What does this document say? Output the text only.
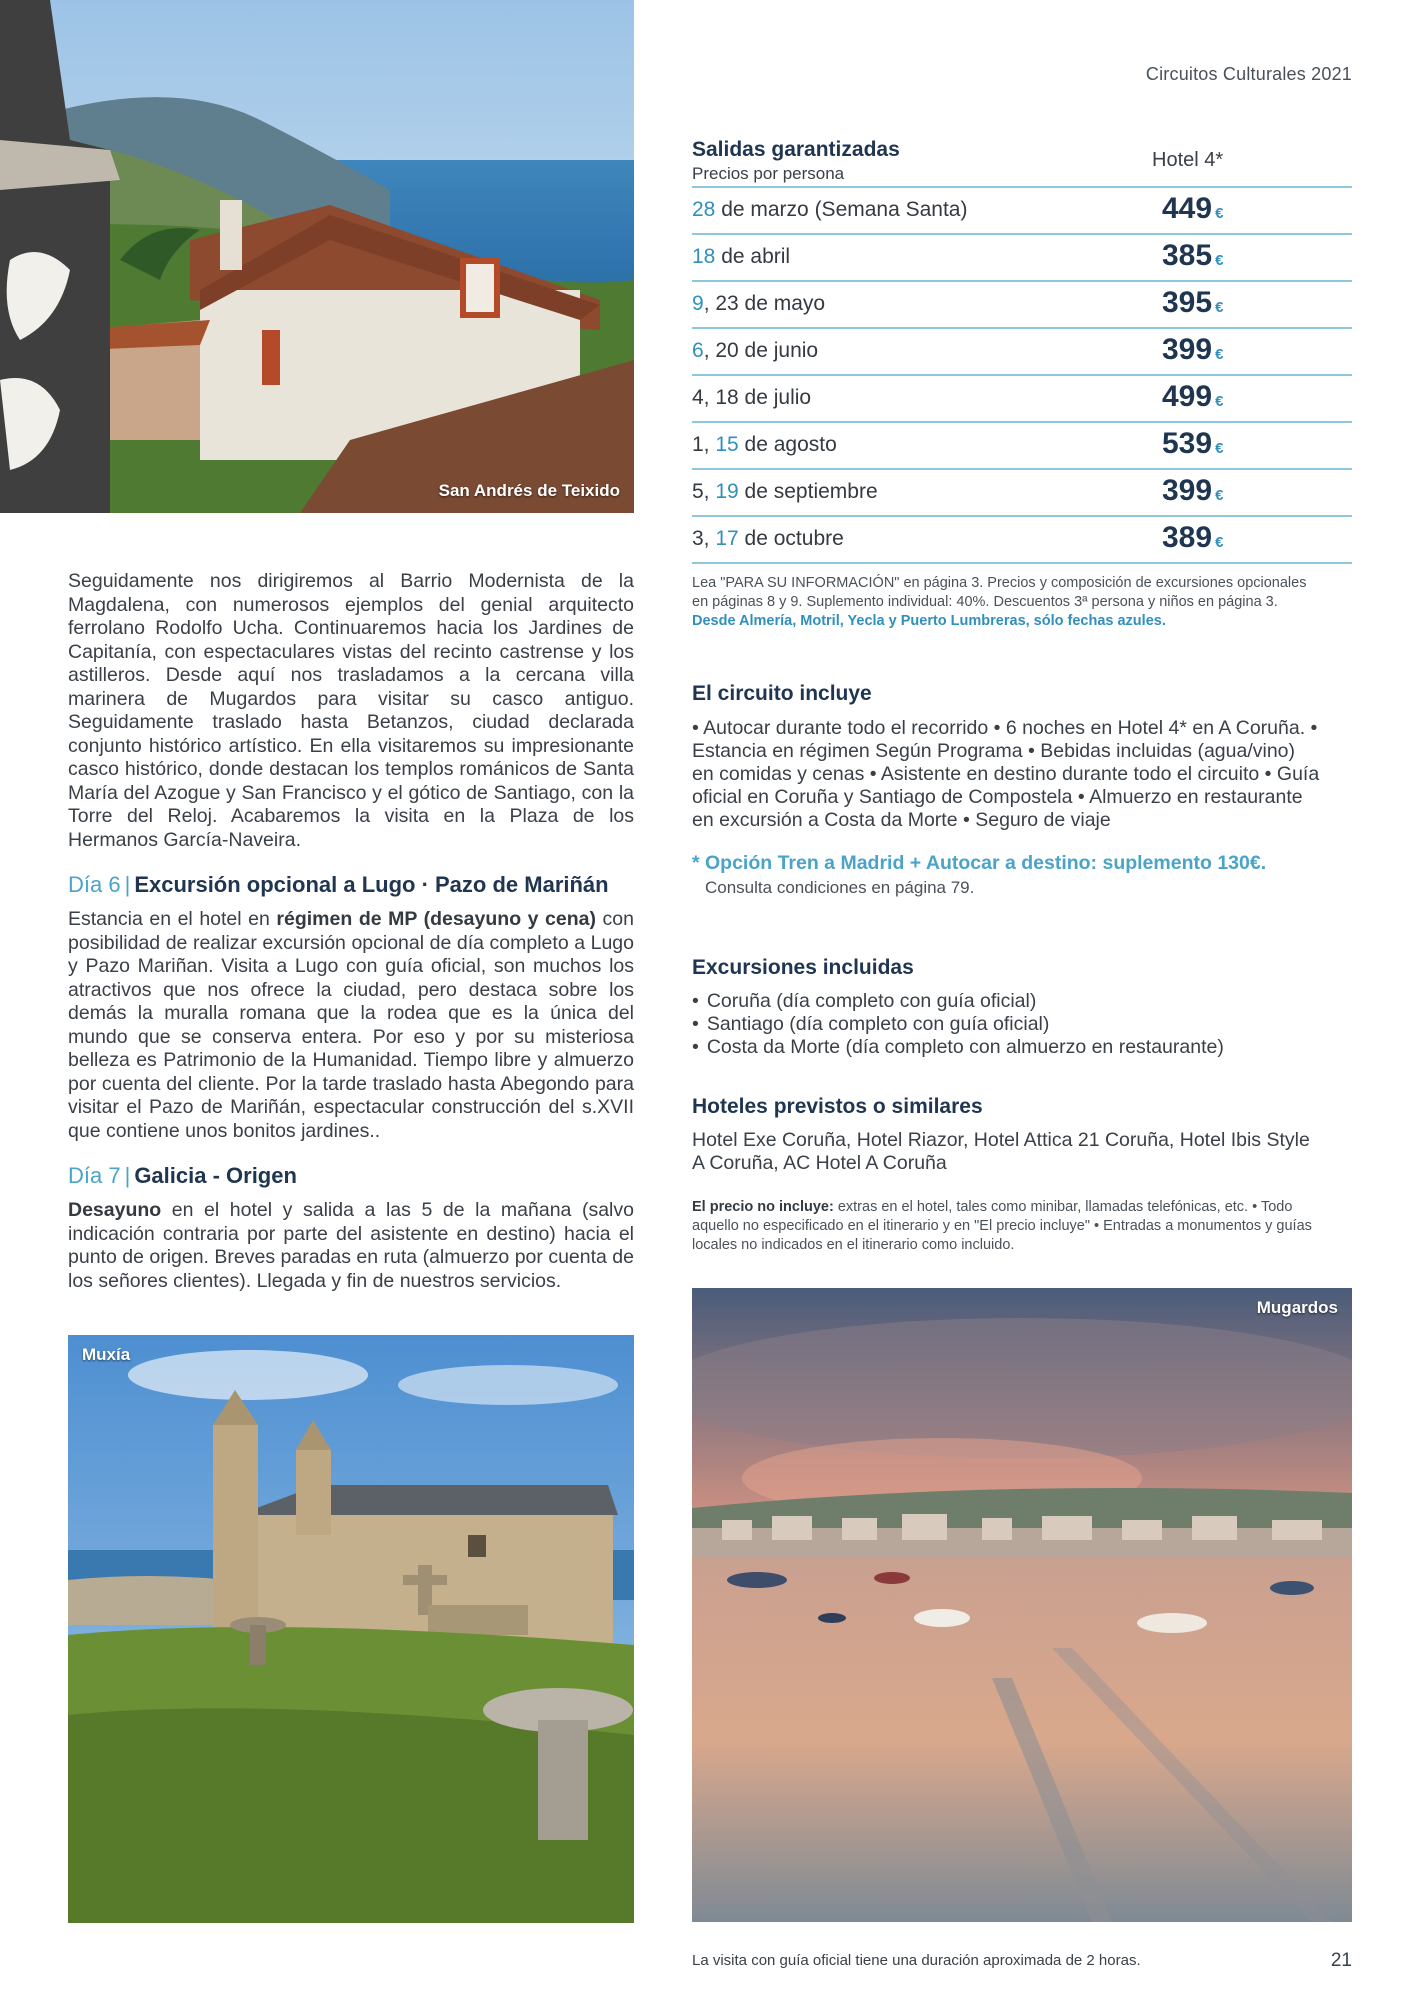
Circuitos Culturales 2021
San Andrés de Teixido

Seguidamente nos dirigiremos al Barrio Modernista de la Magdalena, con numerosos ejemplos del genial arquitecto ferrolano Rodolfo Ucha. Continuaremos hacia los Jardines de Capitanía, con espectaculares vistas del recinto castrense y los astilleros. Desde aquí nos trasladamos a la cercana villa marinera de Mugardos para visitar su casco antiguo. Seguidamente traslado hasta Betanzos, ciudad declarada conjunto histórico artístico. En ella visitaremos su impresionante casco histórico, donde destacan los templos románicos de Santa María del Azogue y San Francisco y el gótico de Santiago, con la Torre del Reloj. Acabaremos la visita en la Plaza de los Hermanos García-Naveira.

Día 6 | Excursión opcional a Lugo · Pazo de Mariñán

Estancia en el hotel en régimen de MP (desayuno y cena) con posibilidad de realizar excursión opcional de día completo a Lugo y Pazo Mariñan. Visita a Lugo con guía oficial, son muchos los atractivos que nos ofrece la ciudad, pero destaca sobre los demás la muralla romana que la rodea que es la única del mundo que se conserva entera. Por eso y por su misteriosa belleza es Patrimonio de la Humanidad. Tiempo libre y almuerzo por cuenta del cliente. Por la tarde traslado hasta Abegondo para visitar el Pazo de Mariñán, espectacular construcción del s.XVII que contiene unos bonitos jardines..

Día 7 | Galicia - Origen

Desayuno en el hotel y salida a las 5 de la mañana (salvo indicación contraria por parte del asistente en destino) hacia el punto de origen. Breves paradas en ruta (almuerzo por cuenta de los señores clientes). Llegada y fin de nuestros servicios.

Muxía
Salidas garantizadas
Precios por persona
Hotel 4*
28 de marzo (Semana Santa)	449 €
18 de abril	385 €
9, 23 de mayo	395 €
6, 20 de junio	399 €
4, 18 de julio	499 €
1, 15 de agosto	539 €
5, 19 de septiembre	399 €
3, 17 de octubre	389 €

Lea "PARA SU INFORMACIÓN" en página 3. Precios y composición de excursiones opcionales en páginas 8 y 9. Suplemento individual: 40%. Descuentos 3ª persona y niños en página 3. Desde Almería, Motril, Yecla y Puerto Lumbreras, sólo fechas azules.

El circuito incluye

• Autocar durante todo el recorrido • 6 noches en Hotel 4* en A Coruña. • Estancia en régimen Según Programa • Bebidas incluidas (agua/vino) en comidas y cenas • Asistente en destino durante todo el circuito • Guía oficial en Coruña y Santiago de Compostela • Almuerzo en restaurante en excursión a Costa da Morte • Seguro de viaje

* Opción Tren a Madrid + Autocar a destino: suplemento 130€.

Consulta condiciones en página 79.

Excursiones incluidas

• Coruña (día completo con guía oficial)
• Santiago (día completo con guía oficial)
• Costa da Morte (día completo con almuerzo en restaurante)

Hoteles previstos o similares

Hotel Exe Coruña, Hotel Riazor, Hotel Attica 21 Coruña, Hotel Ibis Style A Coruña, AC Hotel A Coruña

El precio no incluye: extras en el hotel, tales como minibar, llamadas telefónicas, etc. • Todo aquello no especificado en el itinerario y en "El precio incluye" • Entradas a monumentos y guías locales no indicados en el itinerario como incluido.

Mugardos
La visita con guía oficial tiene una duración aproximada de 2 horas.	21
